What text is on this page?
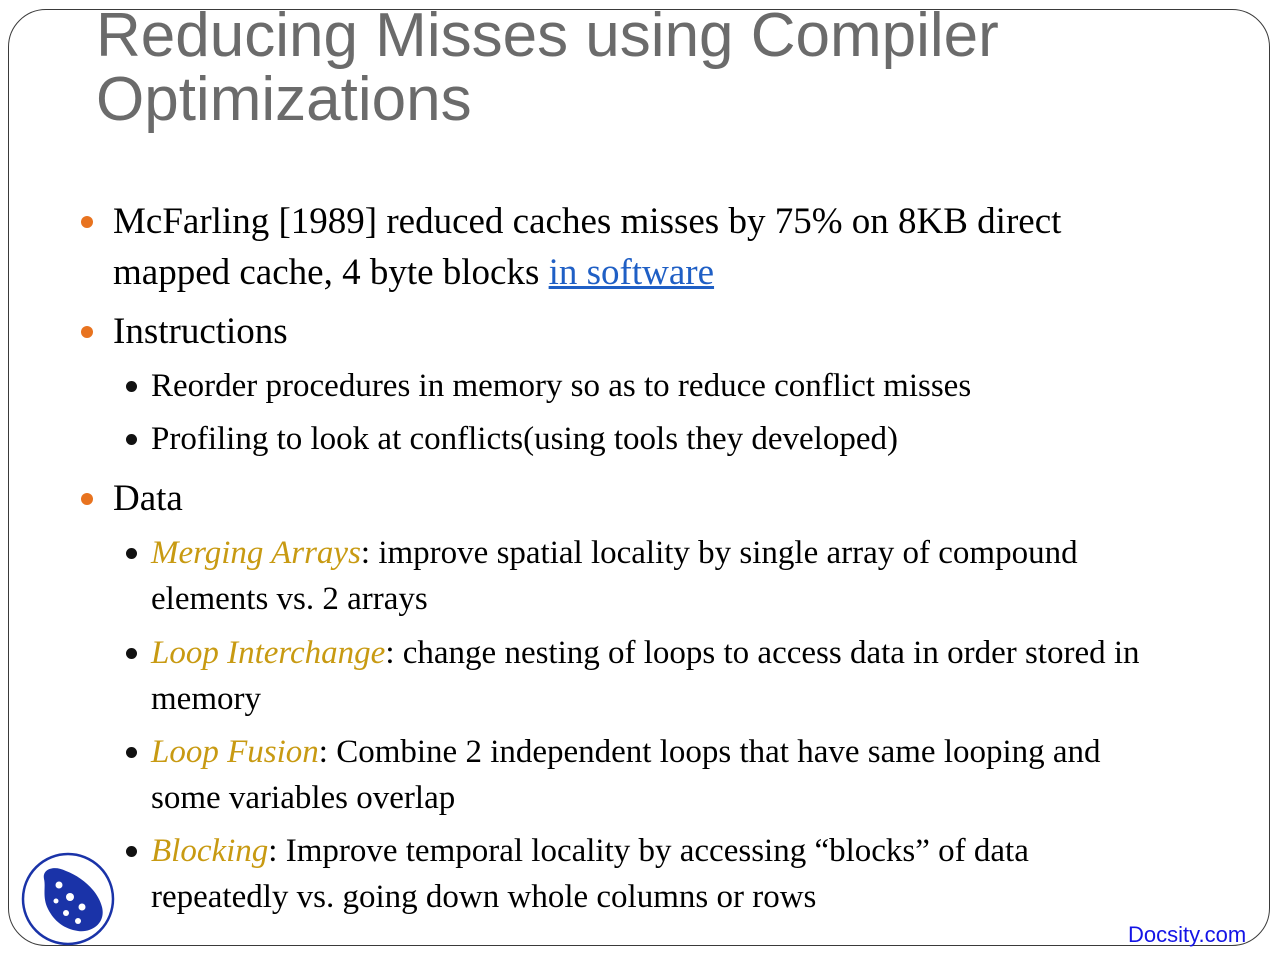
Reducing Misses using Compiler
Optimizations
McFarling [1989] reduced caches misses by 75% on 8KB direct
mapped cache, 4 byte blocks in software
Instructions
Reorder procedures in memory so as to reduce conflict misses
Profiling to look at conflicts(using tools they developed)
Data
Merging Arrays: improve spatial locality by single array of compound
elements vs. 2 arrays
Loop Interchange: change nesting of loops to access data in order stored in
memory
Loop Fusion: Combine 2 independent loops that have same looping and
some variables overlap
Blocking: Improve temporal locality by accessing “blocks” of data
repeatedly vs. going down whole columns or rows
Docsity.com
